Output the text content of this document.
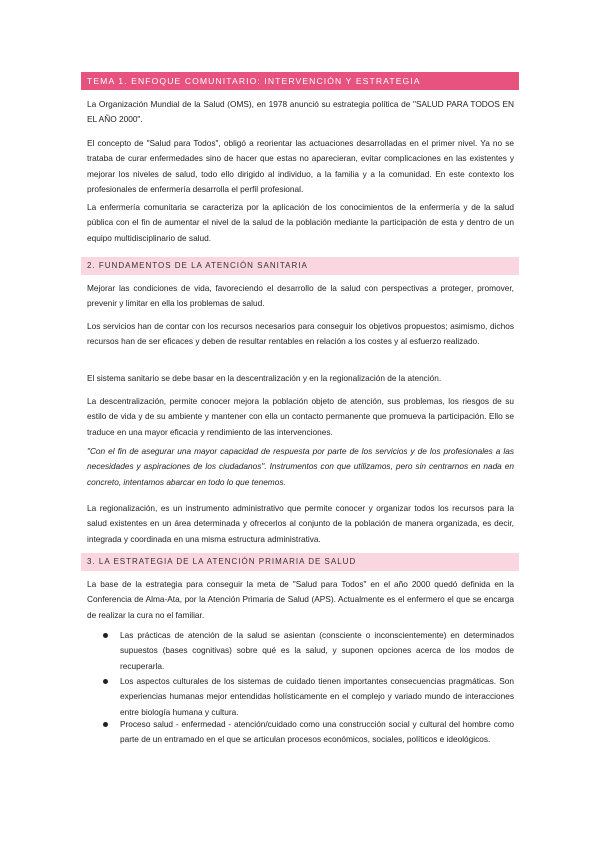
TEMA 1. ENFOQUE COMUNITARIO: INTERVENCIÓN Y ESTRATEGIA

La Organización Mundial de la Salud (OMS), en 1978 anunció su estrategia política de "SALUD PARA TODOS EN EL AÑO 2000".

El concepto de "Salud para Todos", obligó a reorientar las actuaciones desarrolladas en el primer nivel. Ya no se trataba de curar enfermedades sino de hacer que estas no aparecieran, evitar complicaciones en las existentes y mejorar los niveles de salud, todo ello dirigido al individuo, a la familia y a la comunidad. En este contexto los profesionales de enfermería desarrolla el perfil profesional.

La enfermería comunitaria se caracteriza por la aplicación de los conocimientos de la enfermería y de la salud pública con el fin de aumentar el nivel de la salud de la población mediante la participación de esta y dentro de un equipo multidisciplinario de salud.

2. FUNDAMENTOS DE LA ATENCIÓN SANITARIA

Mejorar las condiciones de vida, favoreciendo el desarrollo de la salud con perspectivas a proteger, promover, prevenir y limitar en ella los problemas de salud.

Los servicios han de contar con los recursos necesarios para conseguir los objetivos propuestos; asimismo, dichos recursos han de ser eficaces y deben de resultar rentables en relación a los costes y al esfuerzo realizado.

El sistema sanitario se debe basar en la descentralización y en la regionalización de la atención.

La descentralización, permite conocer mejora la población objeto de atención, sus problemas, los riesgos de su estilo de vida y de su ambiente y mantener con ella un contacto permanente que promueva la participación. Ello se traduce en una mayor eficacia y rendimiento de las intervenciones.

"Con el fin de asegurar una mayor capacidad de respuesta por parte de los servicios y de los profesionales a las necesidades y aspiraciones de los ciudadanos". Instrumentos con que utilizamos, pero sin centrarnos en nada en concreto, intentamos abarcar en todo lo que tenemos.

La regionalización, es un instrumento administrativo que permite conocer y organizar todos los recursos para la salud existentes en un área determinada y ofrecerlos al conjunto de la población de manera organizada, es decir, integrada y coordinada en una misma estructura administrativa.

3. LA ESTRATEGIA DE LA ATENCIÓN PRIMARIA DE SALUD

La base de la estrategia para conseguir la meta de "Salud para Todos" en el año 2000 quedó definida en la Conferencia de Alma-Ata, por la Atención Primaria de Salud (APS). Actualmente es el enfermero el que se encarga de realizar la cura no el familiar.

Las prácticas de atención de la salud se asientan (consciente o inconscientemente) en determinados supuestos (bases cognitivas) sobre qué es la salud, y suponen opciones acerca de los modos de recuperarla.

Los aspectos culturales de los sistemas de cuidado tienen importantes consecuencias pragmáticas. Son experiencias humanas mejor entendidas holísticamente en el complejo y variado mundo de interacciones entre biología humana y cultura.

Proceso salud - enfermedad - atención/cuidado como una construcción social y cultural del hombre como parte de un entramado en el que se articulan procesos económicos, sociales, políticos e ideológicos.
